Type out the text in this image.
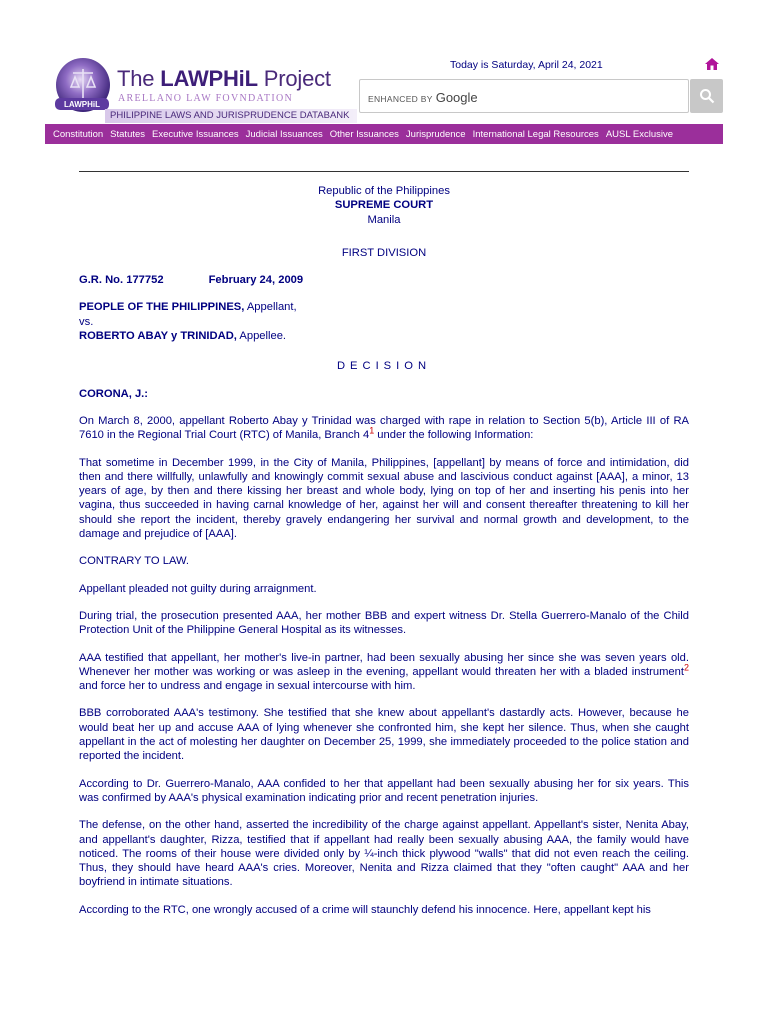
LAWPHiL
The LAWPHiL Project
ARELLANO LAW FOVNDATION
PHILIPPINE LAWS AND JURISPRUDENCE DATABANK
Today is Saturday, April 24, 2021
ENHANCED BY Google
Constitution Statutes Executive Issuances Judicial Issuances Other Issuances Jurisprudence International Legal Resources AUSL Exclusive

Republic of the Philippines

SUPREME COURT

Manila

FIRST DIVISION

G.R. No. 177752	February 24, 2009

PEOPLE OF THE PHILIPPINES, Appellant,

vs.

ROBERTO ABAY y TRINIDAD, Appellee.

DECISION

CORONA, J.:

On March 8, 2000, appellant Roberto Abay y Trinidad was charged with rape in relation to Section 5(b), Article III of RA 7610 in the Regional Trial Court (RTC) of Manila, Branch 4$^1$ under the following Information:

That sometime in December 1999, in the City of Manila, Philippines, [appellant] by means of force and intimidation, did then and there willfully, unlawfully and knowingly commit sexual abuse and lascivious conduct against [AAA], a minor, 13 years of age, by then and there kissing her breast and whole body, lying on top of her and inserting his penis into her vagina, thus succeeded in having carnal knowledge of her, against her will and consent thereafter threatening to kill her should she report the incident, thereby gravely endangering her survival and normal growth and development, to the damage and prejudice of [AAA].

CONTRARY TO LAW.

Appellant pleaded not guilty during arraignment.

During trial, the prosecution presented AAA, her mother BBB and expert witness Dr. Stella Guerrero-Manalo of the Child Protection Unit of the Philippine General Hospital as its witnesses.

AAA testified that appellant, her mother's live-in partner, had been sexually abusing her since she was seven years old. Whenever her mother was working or was asleep in the evening, appellant would threaten her with a bladed instrument$^2$ and force her to undress and engage in sexual intercourse with him.

BBB corroborated AAA's testimony. She testified that she knew about appellant's dastardly acts. However, because he would beat her up and accuse AAA of lying whenever she confronted him, she kept her silence. Thus, when she caught appellant in the act of molesting her daughter on December 25, 1999, she immediately proceeded to the police station and reported the incident.

According to Dr. Guerrero-Manalo, AAA confided to her that appellant had been sexually abusing her for six years. This was confirmed by AAA's physical examination indicating prior and recent penetration injuries.

The defense, on the other hand, asserted the incredibility of the charge against appellant. Appellant's sister, Nenita Abay, and appellant's daughter, Rizza, testified that if appellant had really been sexually abusing AAA, the family would have noticed. The rooms of their house were divided only by ¼-inch thick plywood "walls" that did not even reach the ceiling. Thus, they should have heard AAA's cries. Moreover, Nenita and Rizza claimed that they "often caught" AAA and her boyfriend in intimate situations.

According to the RTC, one wrongly accused of a crime will staunchly defend his innocence. Here, appellant kept his
